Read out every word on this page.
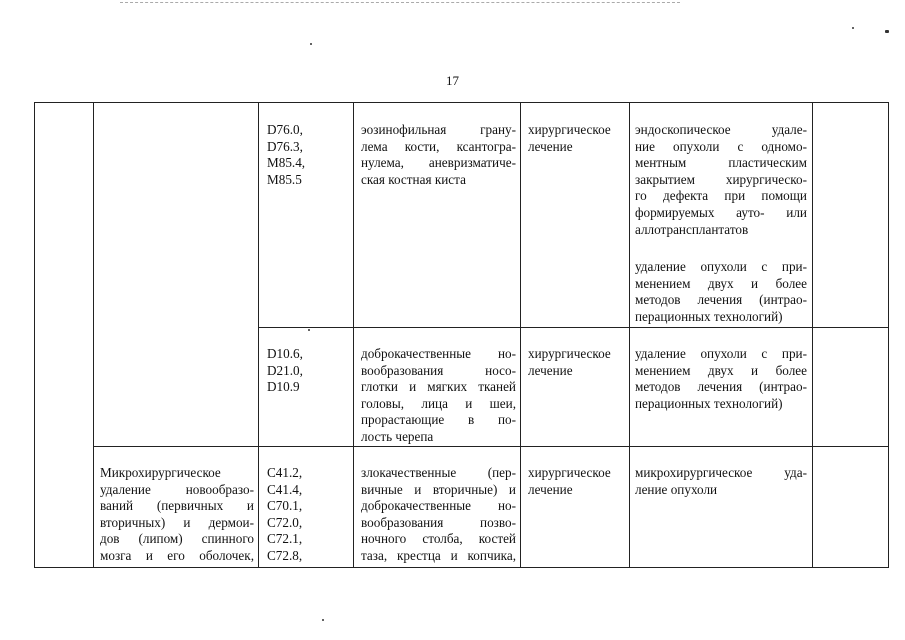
17

D76.0,

D76.3,

M85.4,

M85.5

эозинофильная грану-

лема кости, ксантогра-

нулема, аневризматиче-

ская костная киста

хирургическое

лечение

эндоскопическое удале-

ние опухоли с одномо-

ментным пластическим

закрытием хирургическо-

го дефекта при помощи

формируемых ауто- или

аллотрансплантатов

удаление опухоли с при-

менением двух и более

методов лечения (интрао-

перационных технологий)

D10.6,

D21.0,

D10.9

доброкачественные но-

вообразования носо-

глотки и мягких тканей

головы, лица и шеи,

прорастающие в по-

лость черепа

хирургическое

лечение

удаление опухоли с при-

менением двух и более

методов лечения (интрао-

перационных технологий)

Микрохирургическое

удаление новообразо-

ваний (первичных и

вторичных) и дермои-

дов (липом) спинного

мозга и его оболочек,

C41.2,

C41.4,

C70.1,

C72.0,

C72.1,

C72.8,

злокачественные (пер-

вичные и вторичные) и

доброкачественные но-

вообразования позво-

ночного столба, костей

таза, крестца и копчика,

хирургическое

лечение

микрохирургическое уда-

ление опухоли
